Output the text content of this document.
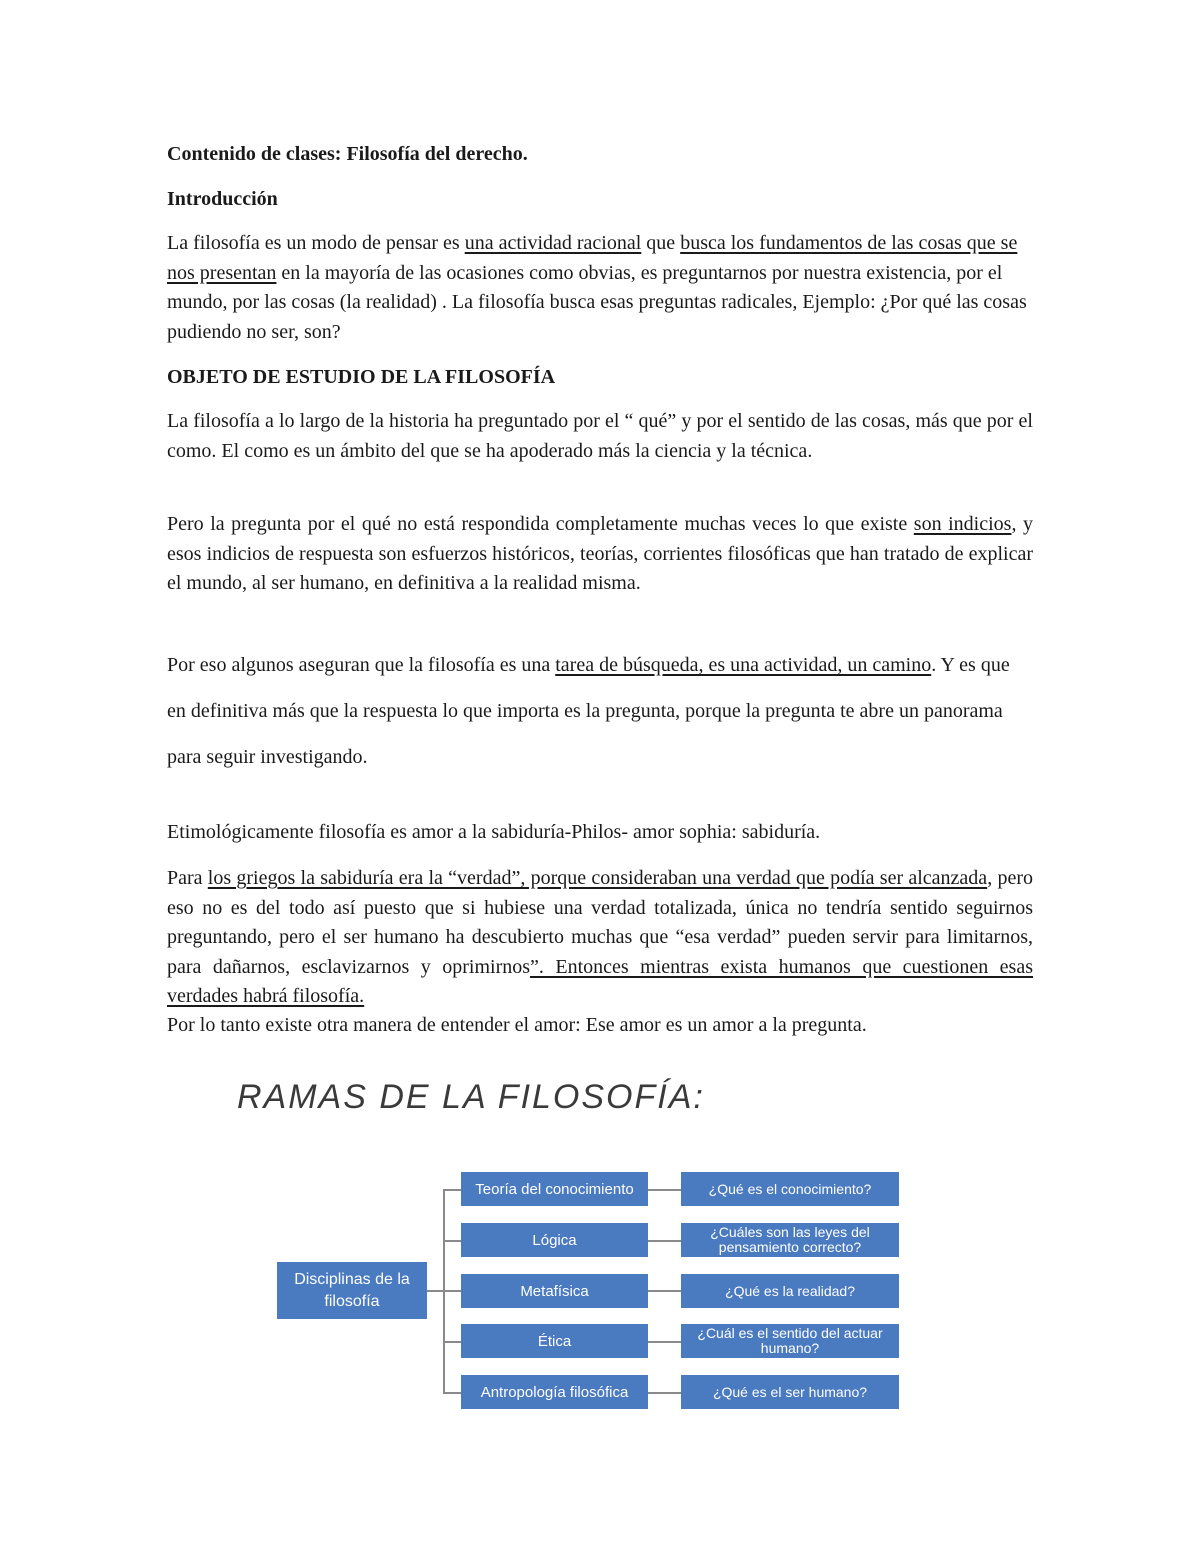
Contenido de clases: Filosofía del derecho.

Introducción

La filosofía es un modo de pensar es una actividad racional que busca los fundamentos de las cosas que se nos presentan en la mayoría de las ocasiones como obvias, es preguntarnos por nuestra existencia, por el mundo, por las cosas (la realidad) . La filosofía busca esas preguntas radicales, Ejemplo: ¿Por qué las cosas pudiendo no ser, son?

OBJETO DE ESTUDIO DE LA FILOSOFÍA

La filosofía a lo largo de la historia ha preguntado por el “ qué” y por el sentido de las cosas, más que por el como. El como es un ámbito del que se ha apoderado más la ciencia y la técnica.

Pero la pregunta por el qué no está respondida completamente muchas veces lo que existe son indicios, y esos indicios de respuesta son esfuerzos históricos, teorías, corrientes filosóficas que han tratado de explicar el mundo, al ser humano, en definitiva a la realidad misma.

Por eso algunos aseguran que la filosofía es una tarea de búsqueda, es una actividad, un camino. Y es que en definitiva más que la respuesta lo que importa es la pregunta, porque la pregunta te abre un panorama para seguir investigando.

Etimológicamente filosofía es amor a la sabiduría-Philos- amor sophia: sabiduría.

Para los griegos la sabiduría era la “verdad”, porque consideraban una verdad que podía ser alcanzada, pero eso no es del todo así puesto que si hubiese una verdad totalizada, única no tendría sentido seguirnos preguntando, pero el ser humano ha descubierto muchas que “esa verdad” pueden servir para limitarnos, para dañarnos, esclavizarnos y oprimirnos”. Entonces mientras exista humanos que cuestionen esas verdades habrá filosofía.

Por lo tanto existe otra manera de entender el amor: Ese amor es un amor a la pregunta.

RAMAS DE LA FILOSOFÍA:
Disciplinas de la filosofía
Teoría del conocimiento
Lógica
Metafísica
Ética
Antropología filosófica
¿Qué es el conocimiento?
¿Cuáles son las leyes del pensamiento correcto?
¿Qué es la realidad?
¿Cuál es el sentido del actuar humano?
¿Qué es el ser humano?
